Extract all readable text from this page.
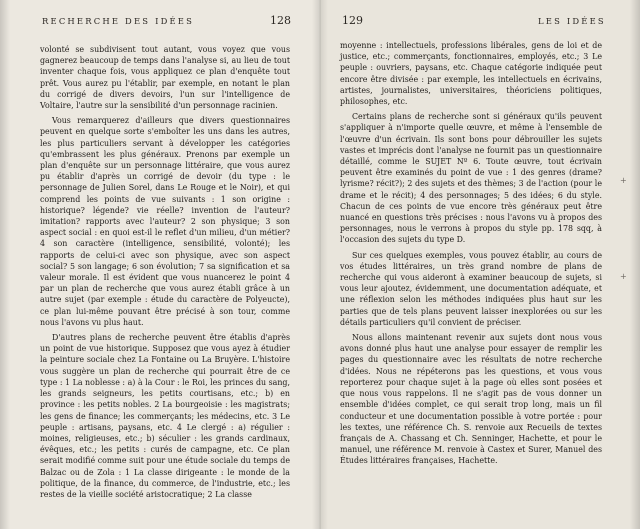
RECHERCHE DES IDÉES	128

volonté se subdivisent tout autant, vous voyez que vous gagnerez beaucoup de temps dans l'analyse si, au lieu de tout inventer chaque fois, vous appliquez ce plan d'enquête tout prêt. Vous aurez pu l'établir, par exemple, en notant le plan du corrigé de divers devoirs, l'un sur l'intelligence de Voltaire, l'autre sur la sensibilité d'un personnage racinien.

Vous remarquerez d'ailleurs que divers questionnaires peuvent en quelque sorte s'emboîter les uns dans les autres, les plus particuliers servant à développer les catégories qu'embrassent les plus généraux. Prenons par exemple un plan d'enquête sur un personnage littéraire, que vous aurez pu établir d'après un corrigé de devoir (du type : le personnage de Julien Sorel, dans Le Rouge et le Noir), et qui comprend les points de vue suivants : 1 son origine : historique? légende? vie réelle? invention de l'auteur? imitation? rapports avec l'auteur? 2 son physique; 3 son aspect social : en quoi est-il le reflet d'un milieu, d'un métier? 4 son caractère (intelligence, sensibilité, volonté); les rapports de celui-ci avec son physique, avec son aspect social? 5 son langage; 6 son évolution; 7 sa signification et sa valeur morale. Il est évident que vous nuancerez le point 4 par un plan de recherche que vous aurez établi grâce à un autre sujet (par exemple : étude du caractère de Polyeucte), ce plan lui-même pouvant être précisé à son tour, comme nous l'avons vu plus haut.

D'autres plans de recherche peuvent être établis d'après un point de vue historique. Supposez que vous ayez à étudier la peinture sociale chez La Fontaine ou La Bruyère. L'histoire vous suggère un plan de recherche qui pourrait être de ce type : 1 La noblesse : a) à la Cour : le Roi, les princes du sang, les grands seigneurs, les petits courtisans, etc.; b) en province : les petits nobles. 2 La bourgeoisie : les magistrats; les gens de finance; les commerçants; les médecins, etc. 3 Le peuple : artisans, paysans, etc. 4 Le clergé : a) régulier : moines, religieuses, etc.; b) séculier : les grands cardinaux, évêques, etc.; les petits : curés de campagne, etc. Ce plan serait modifié comme suit pour une étude sociale du temps de Balzac ou de Zola : 1 La classe dirigeante : le monde de la politique, de la finance, du commerce, de l'industrie, etc.; les restes de la vieille société aristocratique; 2 La classe

129	LES IDÉES

moyenne : intellectuels, professions libérales, gens de loi et de justice, etc.; commerçants, fonctionnaires, employés, etc.; 3 Le peuple : ouvriers, paysans, etc. Chaque catégorie indiquée peut encore être divisée : par exemple, les intellectuels en écrivains, artistes, journalistes, universitaires, théoriciens politiques, philosophes, etc.

Certains plans de recherche sont si généraux qu'ils peuvent s'appliquer à n'importe quelle œuvre, et même à l'ensemble de l'œuvre d'un écrivain. Ils sont bons pour débrouiller les sujets vastes et imprécis dont l'analyse ne fournit pas un questionnaire détaillé, comme le SUJET Nº 6. Toute œuvre, tout écrivain peuvent être examinés du point de vue : 1 des genres (drame? lyrisme? récit?); 2 des sujets et des thèmes; 3 de l'action (pour le drame et le récit); 4 des personnages; 5 des idées; 6 du style. Chacun de ces points de vue encore très généraux peut être nuancé en questions très précises : nous l'avons vu à propos des personnages, nous le verrons à propos du style pp. 178 sqq, à l'occasion des sujets du type D.

Sur ces quelques exemples, vous pouvez établir, au cours de vos études littéraires, un très grand nombre de plans de recherche qui vous aideront à examiner beaucoup de sujets, si vous leur ajoutez, évidemment, une documentation adéquate, et une réflexion selon les méthodes indiquées plus haut sur les parties que de tels plans peuvent laisser inexplorées ou sur les détails particuliers qu'il convient de préciser.

Nous allons maintenant revenir aux sujets dont nous vous avons donné plus haut une analyse pour essayer de remplir les pages du questionnaire avec les résultats de notre recherche d'idées. Nous ne répéterons pas les questions, et vous vous reporterez pour chaque sujet à la page où elles sont posées et que nous vous rappelons. Il ne s'agit pas de vous donner un ensemble d'idées complet, ce qui serait trop long, mais un fil conducteur et une documentation possible à votre portée : pour les textes, une référence Ch. S. renvoie aux Recueils de textes français de A. Chassang et Ch. Senninger, Hachette, et pour le manuel, une référence M. renvoie à Castex et Surer, Manuel des Études littéraires françaises, Hachette.

+
+
